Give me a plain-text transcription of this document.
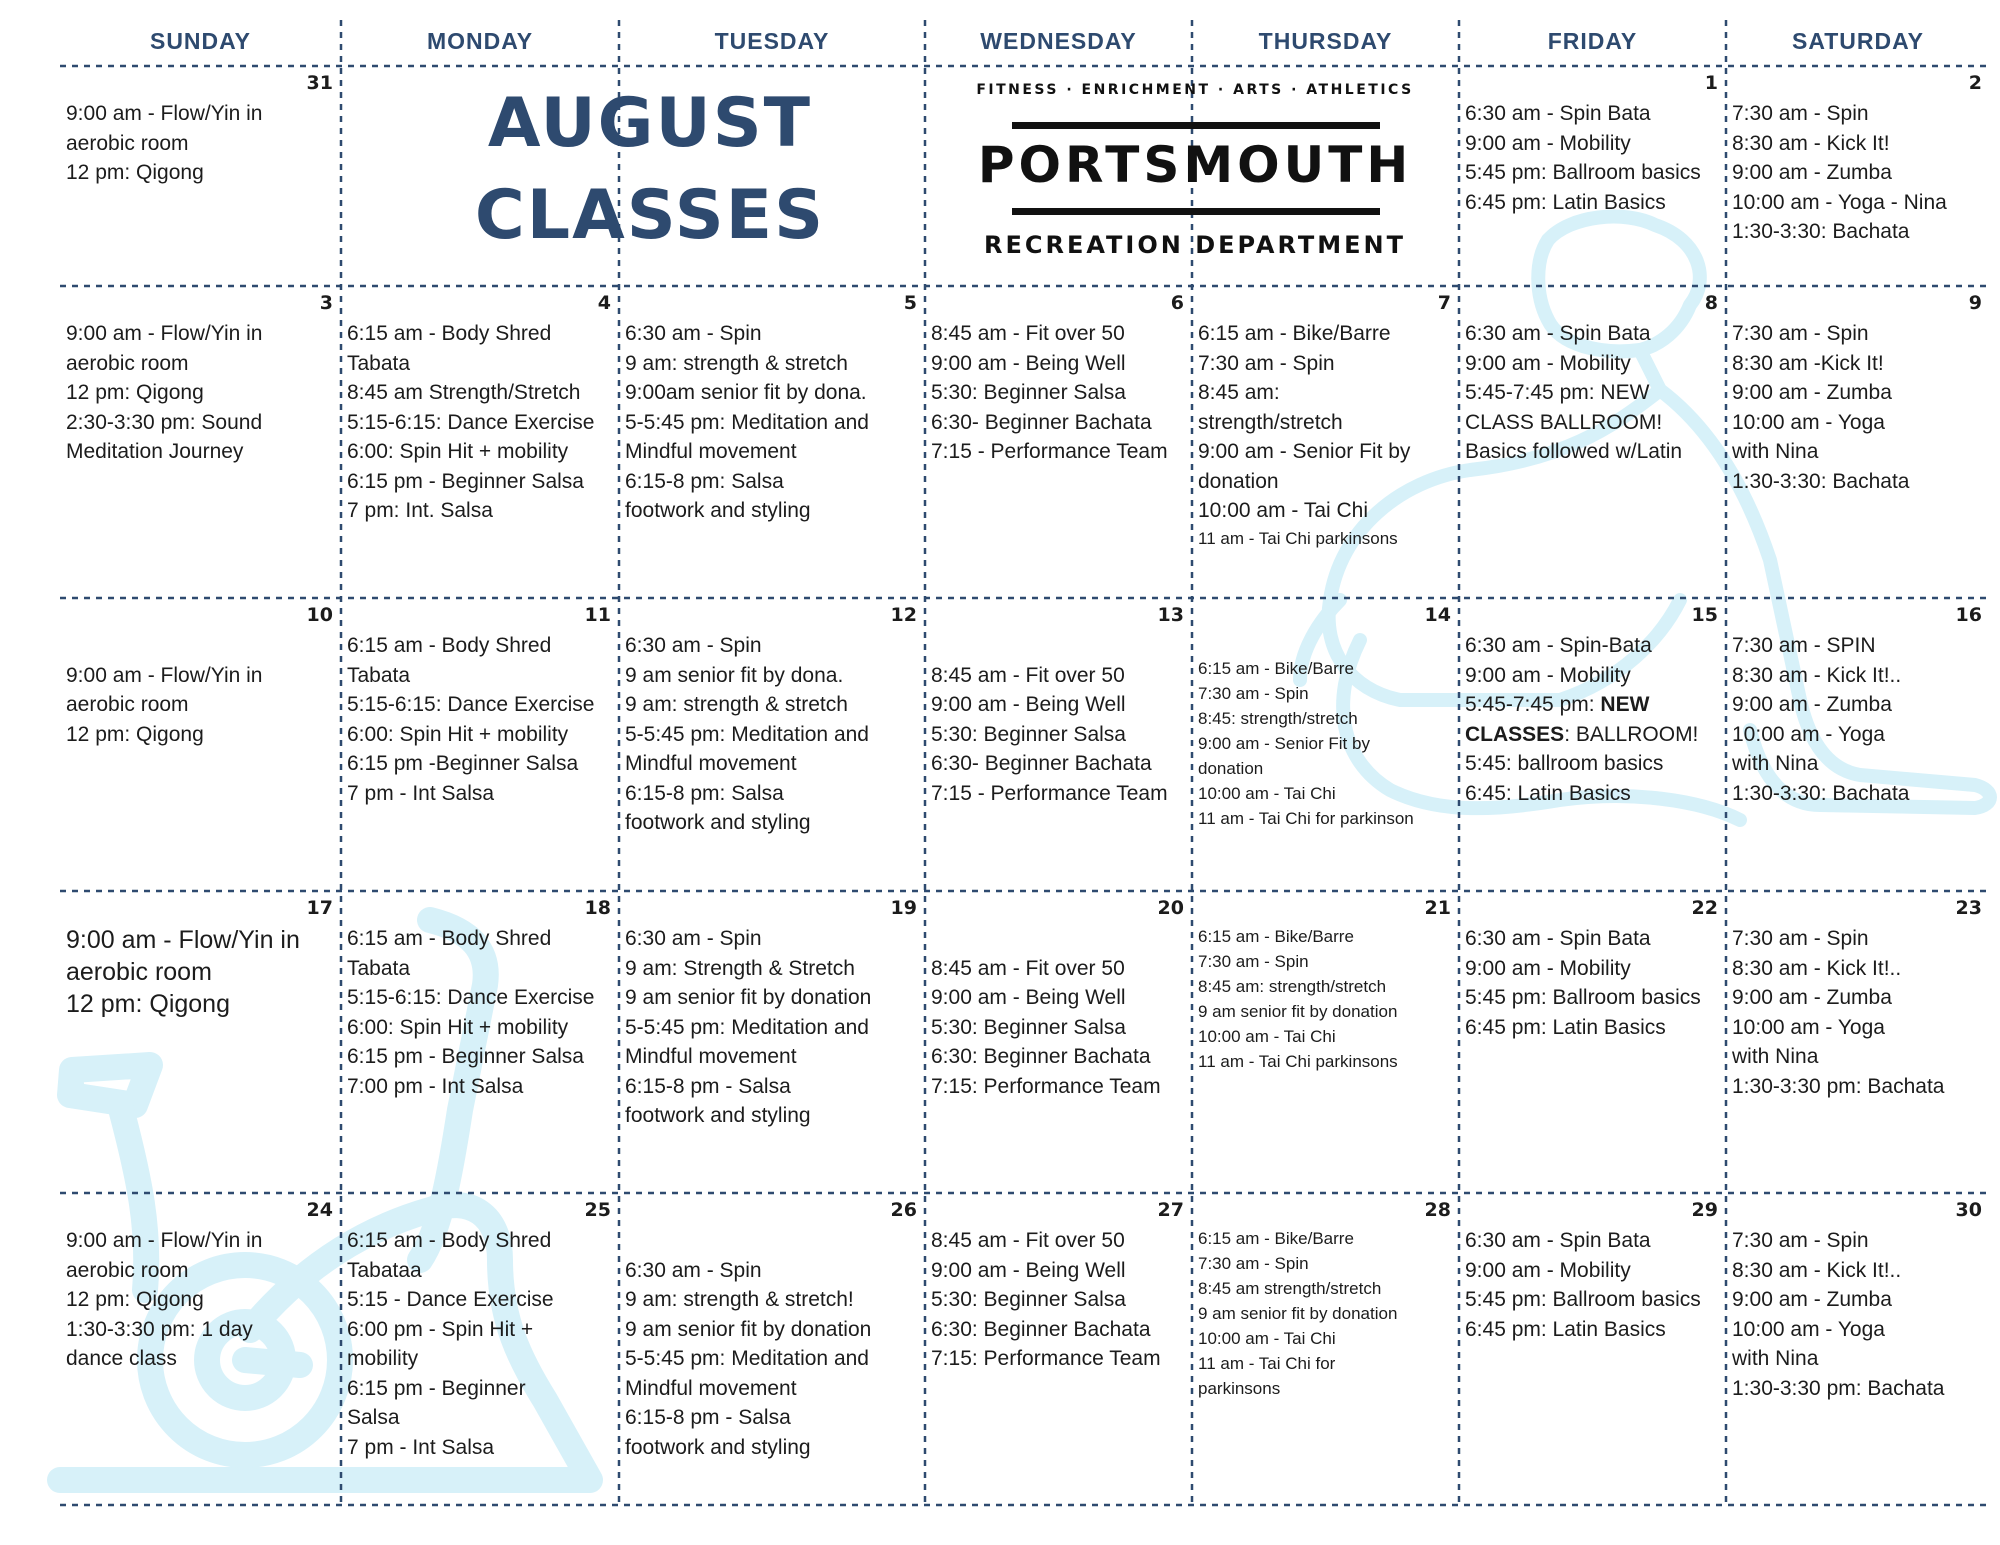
SUNDAY	MONDAY	TUESDAY	WEDNESDAY	THURSDAY	FRIDAY	SATURDAY
AUGUST
CLASSES
FITNESS · ENRICHMENT · ARTS · ATHLETICS
PORTSMOUTH
RECREATION DEPARTMENT
31
9:00 am - Flow/Yin in
aerobic room
12 pm: Qigong
1
6:30 am - Spin Bata
9:00 am - Mobility
5:45 pm: Ballroom basics
6:45 pm: Latin Basics
2
7:30 am - Spin
8:30 am - Kick It!
9:00 am - Zumba
10:00 am - Yoga - Nina
1:30-3:30: Bachata
3
9:00 am - Flow/Yin in
aerobic room
12 pm: Qigong
2:30-3:30 pm: Sound
Meditation Journey
4
6:15 am - Body Shred
Tabata
8:45 am Strength/Stretch
5:15-6:15: Dance Exercise
6:00: Spin Hit + mobility
6:15 pm - Beginner Salsa
7 pm: Int. Salsa
5
6:30 am - Spin
9 am: strength & stretch
9:00am senior fit by dona.
5-5:45 pm: Meditation and
Mindful movement
6:15-8 pm: Salsa
footwork and styling
6
8:45 am - Fit over 50
9:00 am - Being Well
5:30: Beginner Salsa
6:30- Beginner Bachata
7:15 - Performance Team
7
6:15 am - Bike/Barre
7:30 am - Spin
8:45 am:
strength/stretch
9:00 am - Senior Fit by
donation
10:00 am - Tai Chi
11 am - Tai Chi parkinsons
8
6:30 am - Spin Bata
9:00 am - Mobility
5:45-7:45 pm: NEW
CLASS BALLROOM!
Basics followed w/Latin
9
7:30 am - Spin
8:30 am -Kick It!
9:00 am - Zumba
10:00 am - Yoga
with Nina
1:30-3:30: Bachata
10

9:00 am - Flow/Yin in
aerobic room
12 pm: Qigong
11
6:15 am - Body Shred
Tabata
5:15-6:15: Dance Exercise
6:00: Spin Hit + mobility
6:15 pm -Beginner Salsa
7 pm - Int Salsa
12
6:30 am - Spin
9 am senior fit by dona.
9 am: strength & stretch
5-5:45 pm: Meditation and
Mindful movement
6:15-8 pm: Salsa
footwork and styling
13

8:45 am - Fit over 50
9:00 am - Being Well
5:30: Beginner Salsa
6:30- Beginner Bachata
7:15 - Performance Team
14

6:15 am - Bike/Barre
7:30 am - Spin
8:45: strength/stretch
9:00 am - Senior Fit by
donation
10:00 am - Tai Chi
11 am - Tai Chi for parkinson
15
6:30 am - Spin-Bata
9:00 am - Mobility
5:45-7:45 pm: NEW
CLASSES: BALLROOM!
5:45: ballroom basics
6:45: Latin Basics
16
7:30 am - SPIN
8:30 am - Kick It!..
9:00 am - Zumba
10:00 am - Yoga
with Nina
1:30-3:30: Bachata
17
9:00 am - Flow/Yin in
aerobic room
12 pm: Qigong
18
6:15 am - Body Shred
Tabata
5:15-6:15: Dance Exercise
6:00: Spin Hit + mobility
6:15 pm - Beginner Salsa
7:00 pm - Int Salsa
19
6:30 am - Spin
9 am: Strength & Stretch
9 am senior fit by donation
5-5:45 pm: Meditation and
Mindful movement
6:15-8 pm - Salsa
footwork and styling
20

8:45 am - Fit over 50
9:00 am - Being Well
5:30: Beginner Salsa
6:30: Beginner Bachata
7:15: Performance Team
21
6:15 am - Bike/Barre
7:30 am - Spin
8:45 am: strength/stretch
9 am senior fit by donation
10:00 am - Tai Chi
11 am - Tai Chi parkinsons
22
6:30 am - Spin Bata
9:00 am - Mobility
5:45 pm: Ballroom basics
6:45 pm: Latin Basics
23
7:30 am - Spin
8:30 am - Kick It!..
9:00 am - Zumba
10:00 am - Yoga
with Nina
1:30-3:30 pm: Bachata
24
9:00 am - Flow/Yin in
aerobic room
12 pm: Qigong
1:30-3:30 pm: 1 day
dance class
25
6:15 am - Body Shred
Tabataa
5:15 - Dance Exercise
6:00 pm - Spin Hit +
mobility
6:15 pm - Beginner
Salsa
7 pm - Int Salsa
26

6:30 am - Spin
9 am: strength & stretch!
9 am senior fit by donation
5-5:45 pm: Meditation and
Mindful movement
6:15-8 pm - Salsa
footwork and styling
27
8:45 am - Fit over 50
9:00 am - Being Well
5:30: Beginner Salsa
6:30: Beginner Bachata
7:15: Performance Team
28
6:15 am - Bike/Barre
7:30 am - Spin
8:45 am strength/stretch
9 am senior fit by donation
10:00 am - Tai Chi
11 am - Tai Chi for
parkinsons
29
6:30 am - Spin Bata
9:00 am - Mobility
5:45 pm: Ballroom basics
6:45 pm: Latin Basics
30
7:30 am - Spin
8:30 am - Kick It!..
9:00 am - Zumba
10:00 am - Yoga
with Nina
1:30-3:30 pm: Bachata
